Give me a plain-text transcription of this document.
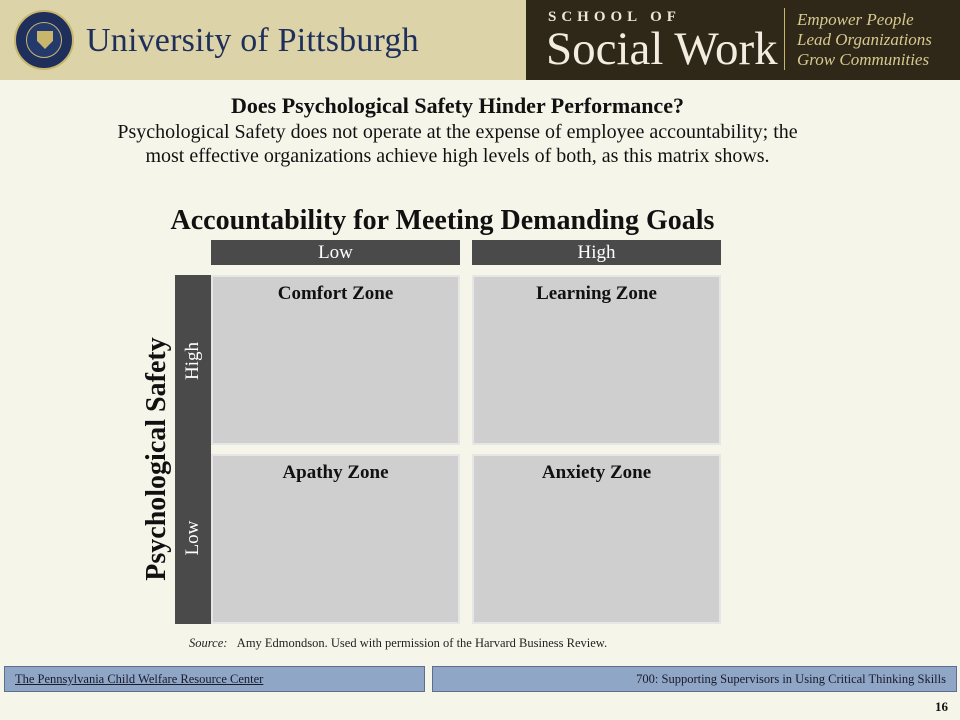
University of Pittsburgh
SCHOOL OF
Social Work
Empower People
Lead Organizations
Grow Communities
Does Psychological Safety Hinder Performance?
Psychological Safety does not operate at the expense of employee accountability; the most effective organizations achieve high levels of both, as this matrix shows.
Accountability for Meeting Demanding Goals
Low	High
High
Low
Psychological Safety
Comfort Zone	Learning Zone
Apathy Zone	Anxiety Zone
Source: Amy Edmondson. Used with permission of the Harvard Business Review.
The Pennsylvania Child Welfare Resource Center	700: Supporting Supervisors in Using Critical Thinking Skills
16
